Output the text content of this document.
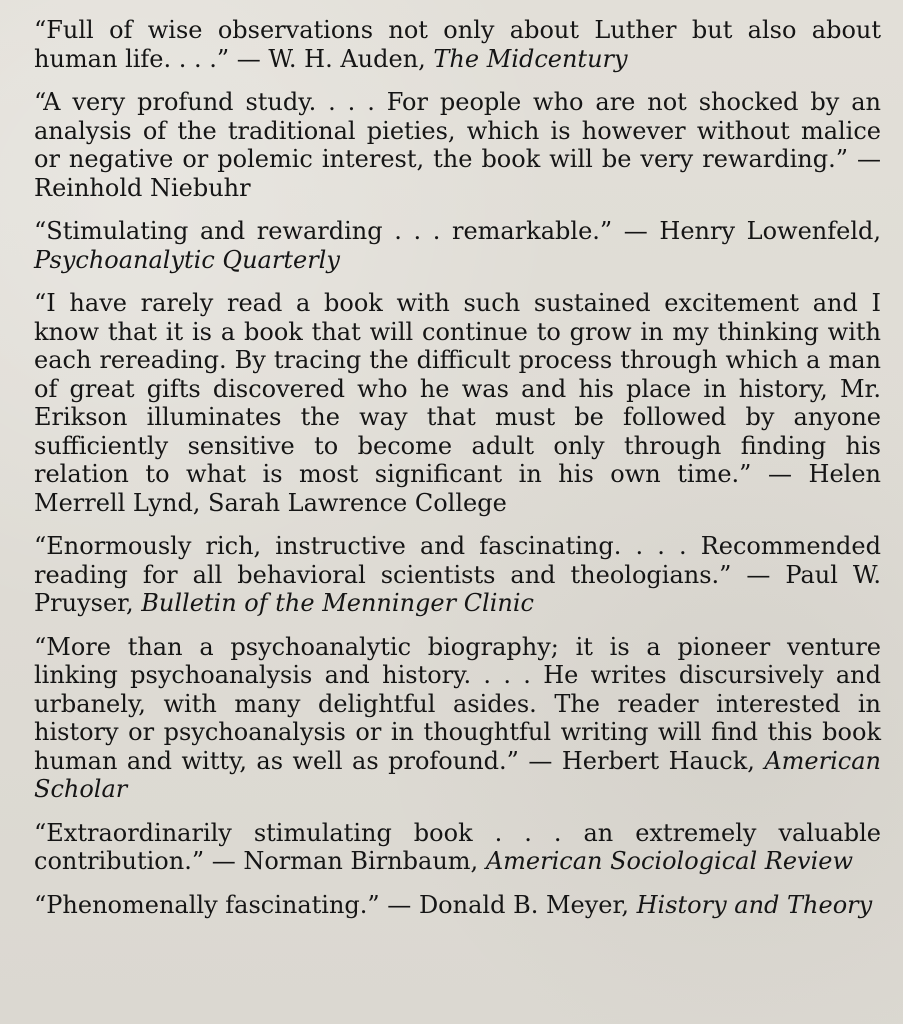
“Full of wise observations not only about Luther but also about human life. . . .” — W. H. Auden, The Midcentury

“A very profund study. . . . For people who are not shocked by an analysis of the traditional pieties, which is however without malice or negative or polemic interest, the book will be very rewarding.” — Reinhold Niebuhr

“Stimulating and rewarding . . . remarkable.” — Henry Lowenfeld, Psychoanalytic Quarterly

“I have rarely read a book with such sustained excitement and I know that it is a book that will continue to grow in my thinking with each rereading. By tracing the difficult process through which a man of great gifts discovered who he was and his place in history, Mr. Erikson illuminates the way that must be followed by anyone sufficiently sensitive to become adult only through finding his relation to what is most significant in his own time.” — Helen Merrell Lynd, Sarah Lawrence College

“Enormously rich, instructive and fascinating. . . . Recommended reading for all behavioral scientists and theologians.” — Paul W. Pruyser, Bulletin of the Menninger Clinic

“More than a psychoanalytic biography; it is a pioneer venture linking psychoanalysis and history. . . . He writes discursively and urbanely, with many delightful asides. The reader interested in history or psychoanalysis or in thoughtful writing will find this book human and witty, as well as profound.” — Herbert Hauck, American Scholar

“Extraordinarily stimulating book . . . an extremely valuable contribution.” — Norman Birnbaum, American Sociological Review

“Phenomenally fascinating.” — Donald B. Meyer, History and Theory
